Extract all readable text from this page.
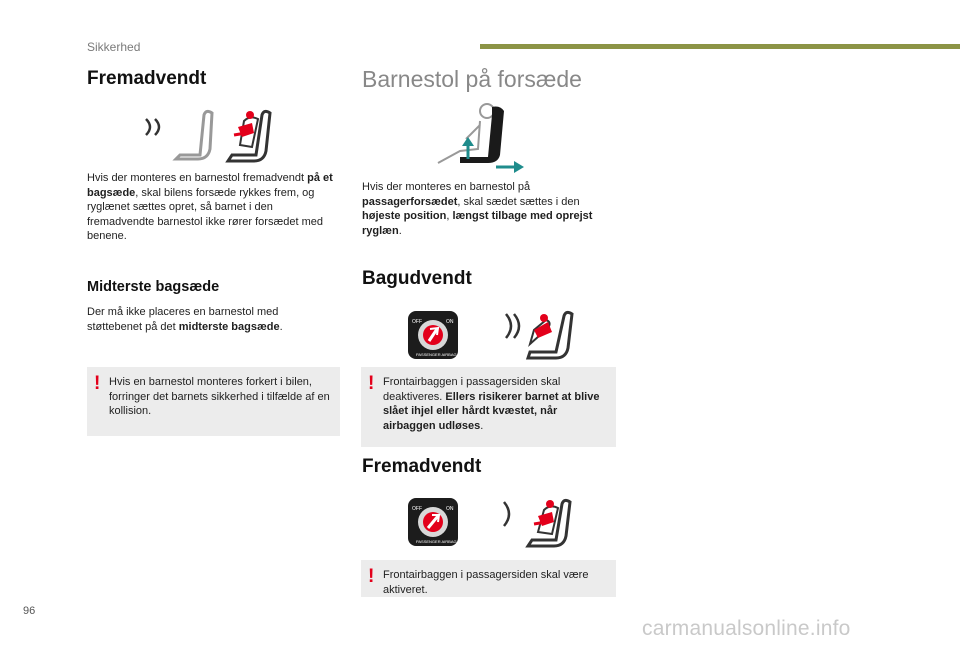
Sikkerhed
Fremadvendt
Hvis der monteres en barnestol fremadvendt på et bagsæde, skal bilens forsæde rykkes frem, og ryglænet sættes opret, så barnet i den fremadvendte barnestol ikke rører forsædet med benene.
Midterste bagsæde
Der må ikke placeres en barnestol med støttebenet på det midterste bagsæde.
! Hvis en barnestol monteres forkert i bilen, forringer det barnets sikkerhed i tilfælde af en kollision.
Barnestol på forsæde
Hvis der monteres en barnestol på passagerforsædet, skal sædet sættes i den højeste position, længst tilbage med oprejst ryglæn.
Bagudvendt
OFF	ON
PASSENGER AIRBAG
! Frontairbaggen i passagersiden skal deaktiveres. Ellers risikerer barnet at blive slået ihjel eller hårdt kvæstet, når airbaggen udløses.
Fremadvendt
OFF	ON
PASSENGER AIRBAG
! Frontairbaggen i passagersiden skal være aktiveret.
96
carmanualsonline.info
